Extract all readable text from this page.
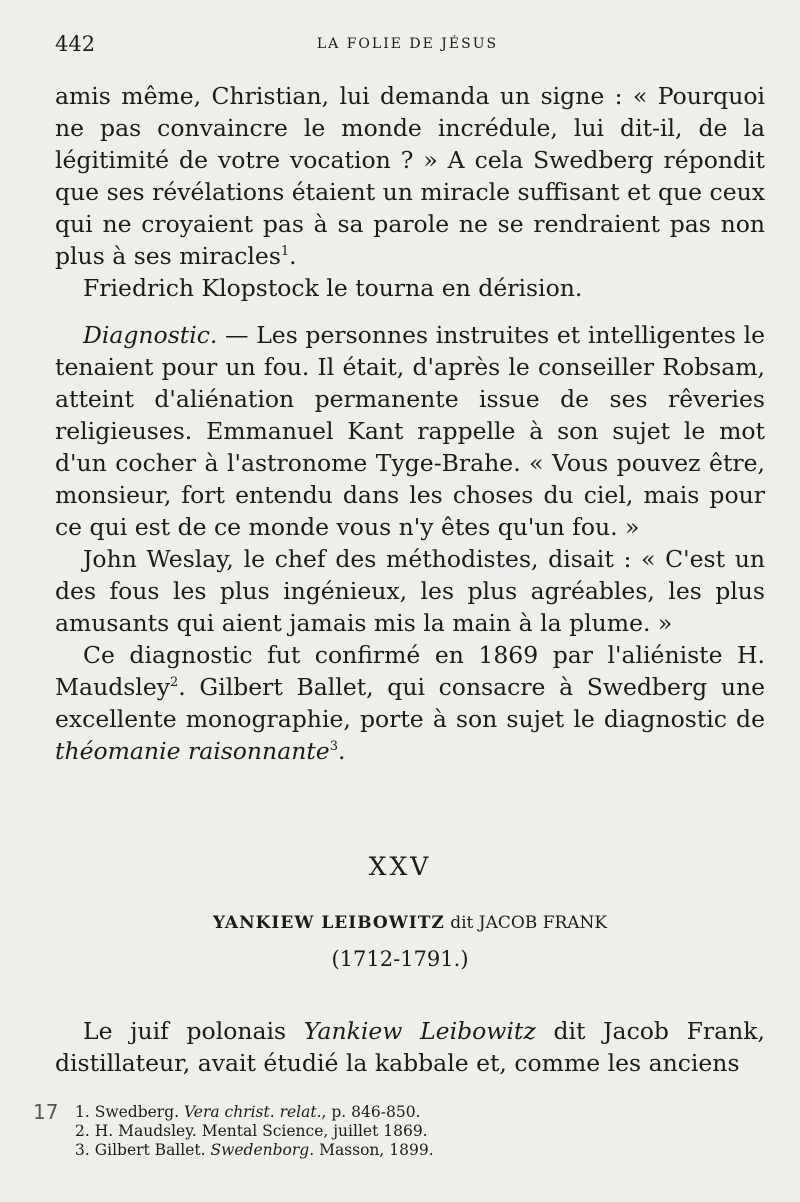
442	LA FOLIE DE JÉSUS

amis même, Christian, lui demanda un signe : « Pourquoi ne pas convaincre le monde incrédule, lui dit-il, de la légitimité de votre vocation ? » A cela Swedberg répondit que ses révélations étaient un miracle suffisant et que ceux qui ne croyaient pas à sa parole ne se rendraient pas non plus à ses miracles$^1$.

Friedrich Klopstock le tourna en dérision.

Diagnostic. — Les personnes instruites et intelligentes le tenaient pour un fou. Il était, d'après le conseiller Robsam, atteint d'aliénation permanente issue de ses rêveries religieuses. Emmanuel Kant rappelle à son sujet le mot d'un cocher à l'astronome Tyge-Brahe. « Vous pouvez être, monsieur, fort entendu dans les choses du ciel, mais pour ce qui est de ce monde vous n'y êtes qu'un fou. »

John Weslay, le chef des méthodistes, disait : « C'est un des fous les plus ingénieux, les plus agréables, les plus amusants qui aient jamais mis la main à la plume. »

Ce diagnostic fut confirmé en 1869 par l'aliéniste H. Maudsley$^2$. Gilbert Ballet, qui consacre à Swedberg une excellente monographie, porte à son sujet le diagnostic de théomanie raisonnante$^3$.

XXV
YANKIEW LEIBOWITZ dit JACOB FRANK
(1712-1791.)

Le juif polonais Yankiew Leibowitz dit Jacob Frank, distillateur, avait étudié la kabbale et, comme les anciens

17 1. Swedberg. Vera christ. relat., p. 846-850.
2. H. Maudsley. Mental Science, juillet 1869.
3. Gilbert Ballet. Swedenborg. Masson, 1899.
